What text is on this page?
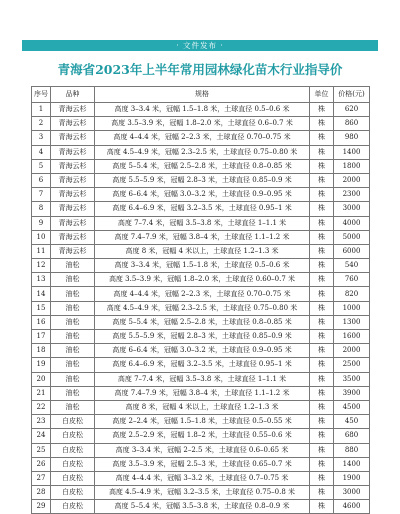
· 文件发布 ·
青海省2023年上半年常用园林绿化苗木行业指导价
序号	品种	规格	单位	价格(元)
1	青海云杉	高度 3–3.4 米，冠幅 1.5–1.8 米，土球直径 0.5–0.6 米	株	620
2	青海云杉	高度 3.5–3.9 米，冠幅 1.8–2.0 米，土球直径 0.6–0.7 米	株	860
3	青海云杉	高度 4–4.4 米，冠幅 2–2.3 米，土球直径 0.70–0.75 米	株	980
4	青海云杉	高度 4.5–4.9 米，冠幅 2.3–2.5 米，土球直径 0.75–0.80 米	株	1400
5	青海云杉	高度 5–5.4 米，冠幅 2.5–2.8 米，土球直径 0.8–0.85 米	株	1800
6	青海云杉	高度 5.5–5.9 米，冠幅 2.8–3 米，土球直径 0.85–0.9 米	株	2000
7	青海云杉	高度 6–6.4 米，冠幅 3.0–3.2 米，土球直径 0.9–0.95 米	株	2300
8	青海云杉	高度 6.4–6.9 米，冠幅 3.2–3.5 米，土球直径 0.95–1 米	株	3000
9	青海云杉	高度 7–7.4 米，冠幅 3.5–3.8 米，土球直径 1–1.1 米	株	4000
10	青海云杉	高度 7.4–7.9 米，冠幅 3.8–4 米，土球直径 1.1–1.2 米	株	5000
11	青海云杉	高度 8 米，冠幅 4 米以上，土球直径 1.2–1.3 米	株	6000
12	油松	高度 3–3.4 米，冠幅 1.5–1.8 米，土球直径 0.5–0.6 米	株	540
13	油松	高度 3.5–3.9 米，冠幅 1.8–2.0 米，土球直径 0.60–0.7 米	株	760
14	油松	高度 4–4.4 米，冠幅 2–2.3 米，土球直径 0.70–0.75 米	株	820
15	油松	高度 4.5–4.9 米，冠幅 2.3–2.5 米，土球直径 0.75–0.80 米	株	1000
16	油松	高度 5–5.4 米，冠幅 2.5–2.8 米，土球直径 0.8–0.85 米	株	1300
17	油松	高度 5.5–5.9 米，冠幅 2.8–3 米，土球直径 0.85–0.9 米	株	1600
18	油松	高度 6–6.4 米，冠幅 3.0–3.2 米，土球直径 0.9–0.95 米	株	2000
19	油松	高度 6.4–6.9 米，冠幅 3.2–3.5 米，土球直径 0.95–1 米	株	2500
20	油松	高度 7–7.4 米，冠幅 3.5–3.8 米，土球直径 1–1.1 米	株	3500
21	油松	高度 7.4–7.9 米，冠幅 3.8–4 米，土球直径 1.1–1.2 米	株	3900
22	油松	高度 8 米，冠幅 4 米以上，土球直径 1.2–1.3 米	株	4500
23	白皮松	高度 2–2.4 米，冠幅 1.5–1.8 米，土球直径 0.5–0.55 米	株	450
24	白皮松	高度 2.5–2.9 米，冠幅 1.8–2 米，土球直径 0.55–0.6 米	株	680
25	白皮松	高度 3–3.4 米，冠幅 2–2.5 米，土球直径 0.6–0.65 米	株	880
26	白皮松	高度 3.5–3.9 米，冠幅 2.5–3 米，土球直径 0.65–0.7 米	株	1400
27	白皮松	高度 4–4.4 米，冠幅 3–3.2 米，土球直径 0.7–0.75 米	株	1900
28	白皮松	高度 4.5–4.9 米，冠幅 3.2–3.5 米，土球直径 0.75–0.8 米	株	3000
29	白皮松	高度 5–5.4 米，冠幅 3.5–3.8 米，土球直径 0.8–0.9 米	株	4600
